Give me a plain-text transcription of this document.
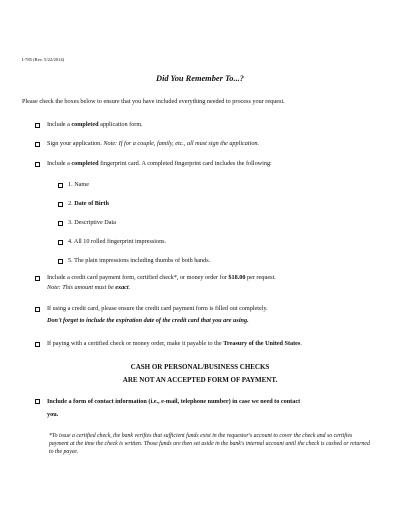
I-785 (Rev. 5/22/2014)
Did You Remember To...?
Please check the boxes below to ensure that you have included everything needed to process your request.
Include a completed application form.
Sign your application. Note: If for a couple, family, etc., all must sign the application.
Include a completed fingerprint card. A completed fingerprint card includes the following:
1. Name
2. Date of Birth
3. Descriptive Data
4. All 10 rolled fingerprint impressions.
5. The plain impressions including thumbs of both hands.
Include a credit card payment form, certified check*, or money order for $18.00 per request.
Note: This amount must be exact.
If using a credit card, please ensure the credit card payment form is filled out completely.
Don't forget to include the expiration date of the credit card that you are using.
If paying with a certified check or money order, make it payable to the Treasury of the United States.
CASH OR PERSONAL/BUSINESS CHECKS
ARE NOT AN ACCEPTED FORM OF PAYMENT.
Include a form of contact information (i.e., e-mail, telephone number) in case we need to contact
you.
*To issue a certified check, the bank verifies that sufficient funds exist in the requestor's account to cover the check and so certifies payment at the time the check is written. Those funds are then set aside in the bank's internal account until the check is cashed or returned to the payee.
